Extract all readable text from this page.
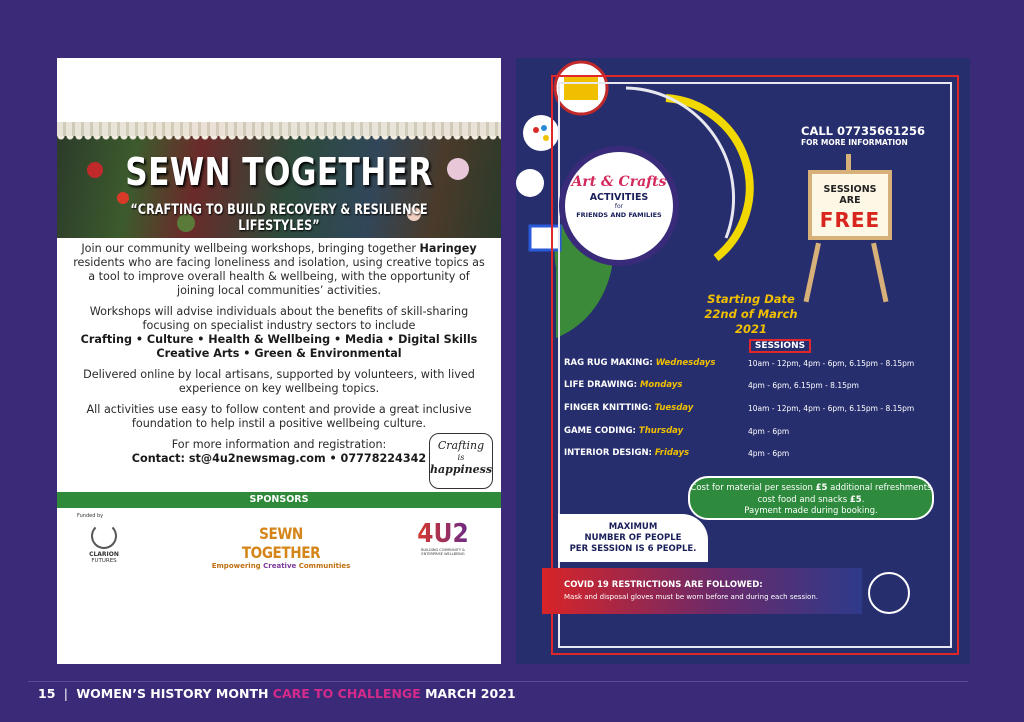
SEWN TOGETHER
“CRAFTING TO BUILD RECOVERY & RESILIENCE LIFESTYLES”

Join our community wellbeing workshops, bringing together Haringey residents who are facing loneliness and isolation, using creative topics as a tool to improve overall health & wellbeing, with the opportunity of joining local communities’ activities.

Workshops will advise individuals about the benefits of skill-sharing focusing on specialist industry sectors to include
Crafting • Culture • Health & Wellbeing • Media • Digital Skills
Creative Arts • Green & Environmental

Delivered online by local artisans, supported by volunteers, with lived experience on key wellbeing topics.

All activities use easy to follow content and provide a great inclusive foundation to help instil a positive wellbeing culture.

For more information and registration:
Contact: st@4u2newsmag.com • 07778224342

Crafting
is
happiness
SPONSORS
Funded by
CLARION
FUTURES
SEWN TOGETHER
Empowering Creative Communities
4U2
BUILDING COMMUNITY & ENTERPRISE WELLBEING
Art & Crafts
ACTIVITIES
for
FRIENDS AND FAMILIES
CALL 07735661256
FOR MORE INFORMATION
SESSIONS ARE
FREE
Starting Date
22nd of March 2021
SESSIONS
RAG RUG MAKING: Wednesdays	10am - 12pm, 4pm - 6pm, 6.15pm - 8.15pm
LIFE DRAWING: Mondays	4pm - 6pm, 6.15pm - 8.15pm
FINGER KNITTING: Tuesday	10am - 12pm, 4pm - 6pm, 6.15pm - 8.15pm
GAME CODING: Thursday	4pm - 6pm
INTERIOR DESIGN: Fridays	4pm - 6pm
Cost for material per session £5 additional refreshments cost food and snacks £5.
Payment made during booking.
MAXIMUM
NUMBER OF PEOPLE
PER SESSION IS 6 PEOPLE.
COVID 19 RESTRICTIONS ARE FOLLOWED:
Mask and disposal gloves must be worn before and during each session.
15 | WOMEN’S HISTORY MONTH CARE TO CHALLENGE MARCH 2021
